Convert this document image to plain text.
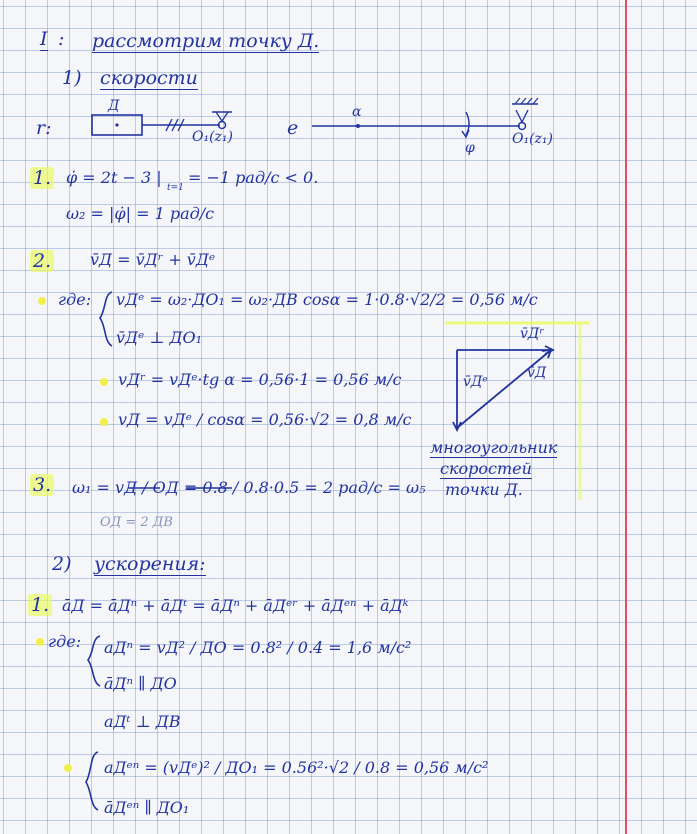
I : рассмотрим точку Д.
1) скорости
r:
Д
O₁(z₁)	e
α
φ
O₁(z₁)
1. φ̇ = 2t − 3 |
t=1
= −1 рад/с < 0.
ω₂ = |φ̇| = 1 рад/с
2. v̄Д = v̄Дʳ + v̄Дᵉ
где: vДᵉ = ω₂·ДO₁ = ω₂·ДB cosα = 1·0.8·√2/2 = 0,56 м/с
v̄Дᵉ ⊥ ДO₁
vДʳ = vДᵉ·tg α = 0,56·1 = 0,56 м/с
vД = vДᵉ / cosα = 0,56·√2 = 0,8 м/с
v̄Дʳ
v̄Дᵉ
v̄Д
многоугольник
скоростей
точки Д.
3. ω₁ = vД / OД = 0.8 / 0.8·0.5 = 2 рад/с = ω₅
OД = 2 ДB
2) ускорения:
1. āД = āДⁿ + āДᵗ = āДⁿ + āДᵉʳ + āДᵉⁿ + āДᵏ
где: aДⁿ = vД² / ДO = 0.8² / 0.4 = 1,6 м/с²
āДⁿ ∥ ДO
aДᵗ ⊥ ДB
aДᵉⁿ = (vДᵉ)² / ДO₁ = 0.56²·√2 / 0.8 = 0,56 м/с²
āДᵉⁿ ∥ ДO₁
